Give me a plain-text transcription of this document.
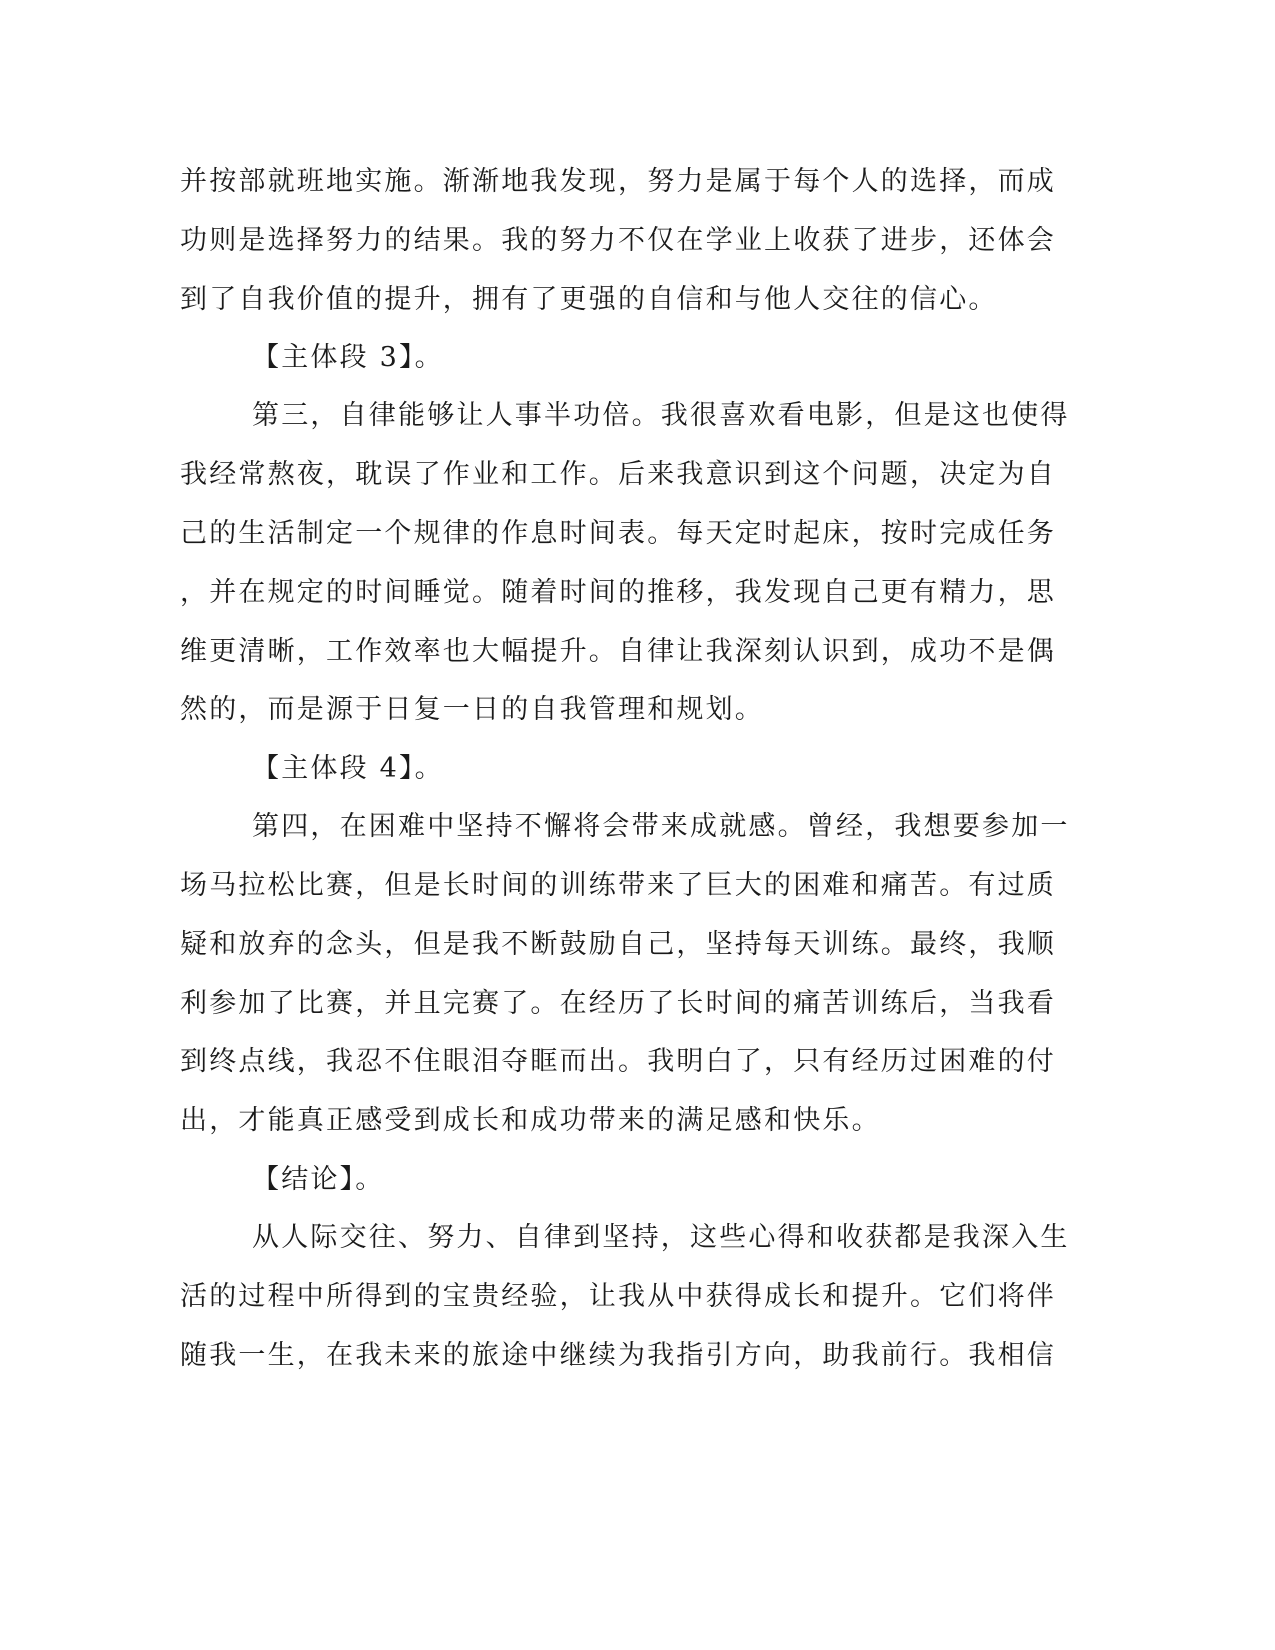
并按部就班地实施。渐渐地我发现，努力是属于每个人的选择，而成
功则是选择努力的结果。我的努力不仅在学业上收获了进步，还体会
到了自我价值的提升，拥有了更强的自信和与他人交往的信心。
【主体段 3】。
第三，自律能够让人事半功倍。我很喜欢看电影，但是这也使得
我经常熬夜，耽误了作业和工作。后来我意识到这个问题，决定为自
己的生活制定一个规律的作息时间表。每天定时起床，按时完成任务
，并在规定的时间睡觉。随着时间的推移，我发现自己更有精力，思
维更清晰，工作效率也大幅提升。自律让我深刻认识到，成功不是偶
然的，而是源于日复一日的自我管理和规划。
【主体段 4】。
第四，在困难中坚持不懈将会带来成就感。曾经，我想要参加一
场马拉松比赛，但是长时间的训练带来了巨大的困难和痛苦。有过质
疑和放弃的念头，但是我不断鼓励自己，坚持每天训练。最终，我顺
利参加了比赛，并且完赛了。在经历了长时间的痛苦训练后，当我看
到终点线，我忍不住眼泪夺眶而出。我明白了，只有经历过困难的付
出，才能真正感受到成长和成功带来的满足感和快乐。
【结论】。
从人际交往、努力、自律到坚持，这些心得和收获都是我深入生
活的过程中所得到的宝贵经验，让我从中获得成长和提升。它们将伴
随我一生，在我未来的旅途中继续为我指引方向，助我前行。我相信
